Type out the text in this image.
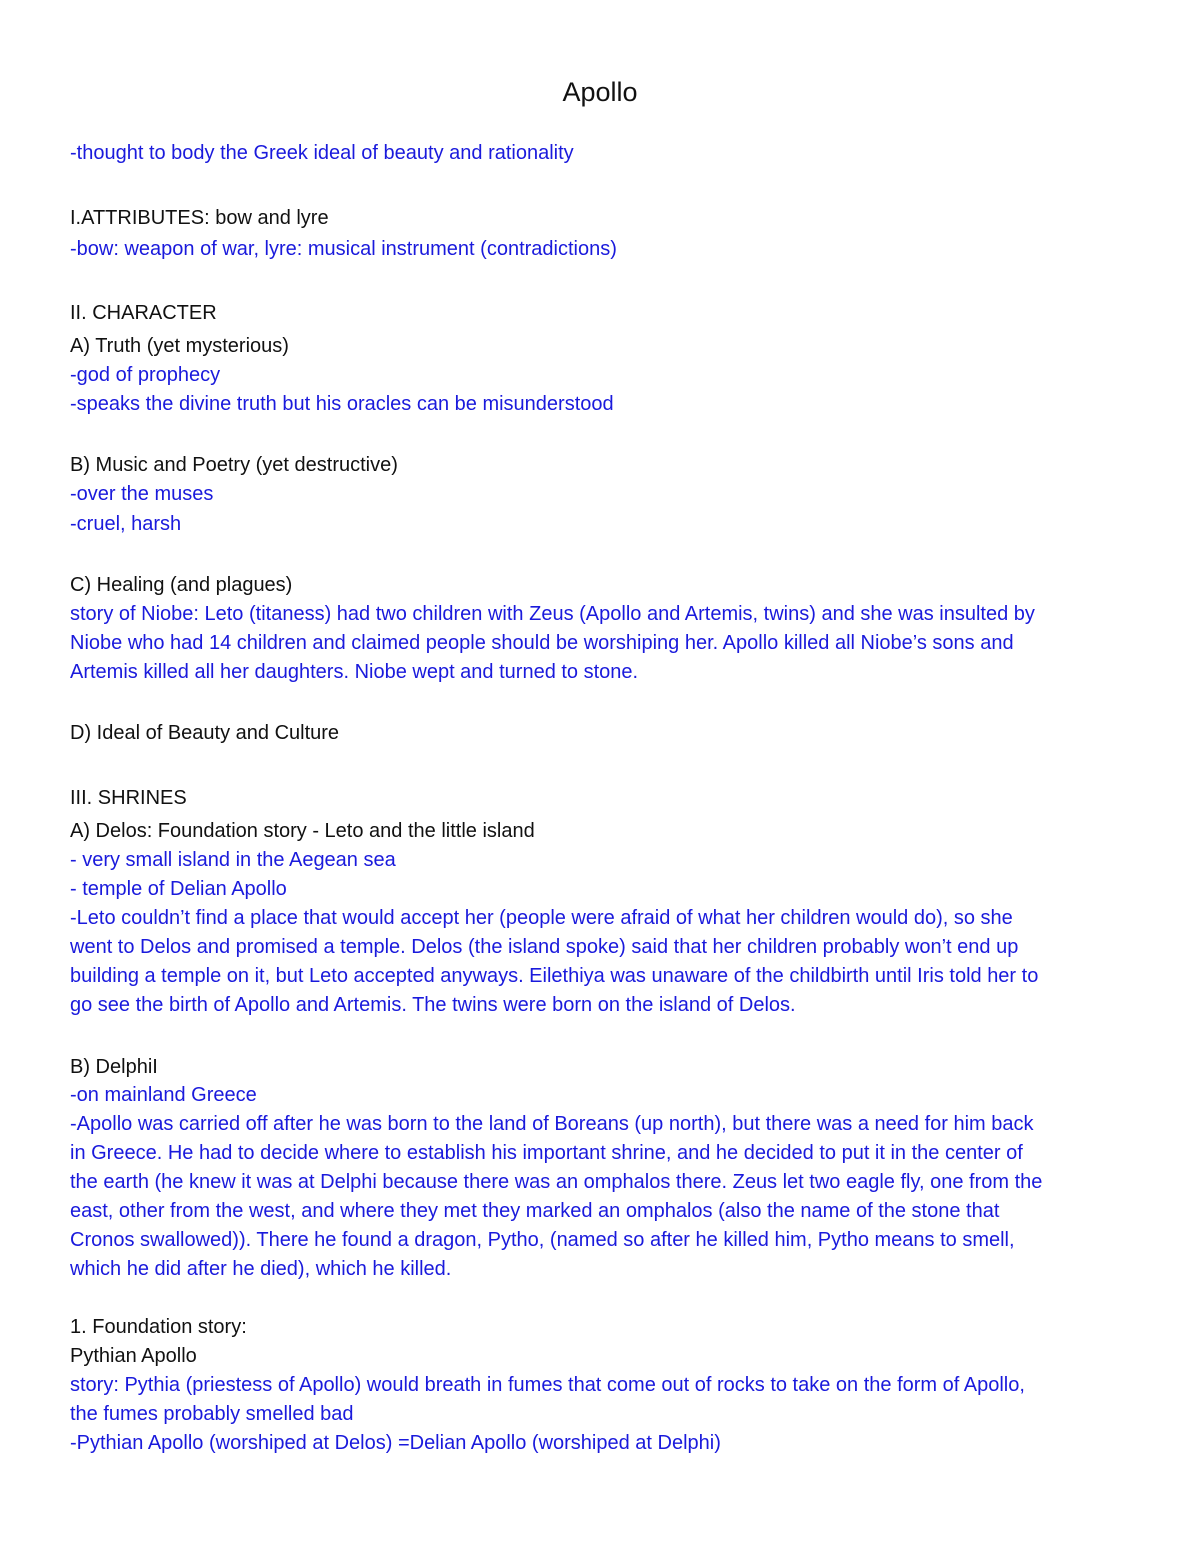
Apollo
-thought to body the Greek ideal of beauty and rationality
I.ATTRIBUTES: bow and lyre
-bow: weapon of war, lyre: musical instrument (contradictions)
II. CHARACTER
A) Truth (yet mysterious)
-god of prophecy
-speaks the divine truth but his oracles can be misunderstood
B) Music and Poetry (yet destructive)
-over the muses
-cruel, harsh
C) Healing (and plagues)
story of Niobe: Leto (titaness) had two children with Zeus (Apollo and Artemis, twins) and she was insulted by
Niobe who had 14 children and claimed people should be worshiping her. Apollo killed all Niobe’s sons and
Artemis killed all her daughters. Niobe wept and turned to stone.
D) Ideal of Beauty and Culture
III. SHRINES
A) Delos: Foundation story - Leto and the little island
- very small island in the Aegean sea
- temple of Delian Apollo
-Leto couldn’t find a place that would accept her (people were afraid of what her children would do), so she
went to Delos and promised a temple. Delos (the island spoke) said that her children probably won’t end up
building a temple on it, but Leto accepted anyways. Eilethiya was unaware of the childbirth until Iris told her to
go see the birth of Apollo and Artemis. The twins were born on the island of Delos.
B) DelphiI
-on mainland Greece
-Apollo was carried off after he was born to the land of Boreans (up north), but there was a need for him back
in Greece. He had to decide where to establish his important shrine, and he decided to put it in the center of
the earth (he knew it was at Delphi because there was an omphalos there. Zeus let two eagle fly, one from the
east, other from the west, and where they met they marked an omphalos (also the name of the stone that
Cronos swallowed)). There he found a dragon, Pytho, (named so after he killed him, Pytho means to smell,
which he did after he died), which he killed.
1. Foundation story:
Pythian Apollo
story: Pythia (priestess of Apollo) would breath in fumes that come out of rocks to take on the form of Apollo,
the fumes probably smelled bad
-Pythian Apollo (worshiped at Delos) =Delian Apollo (worshiped at Delphi)
